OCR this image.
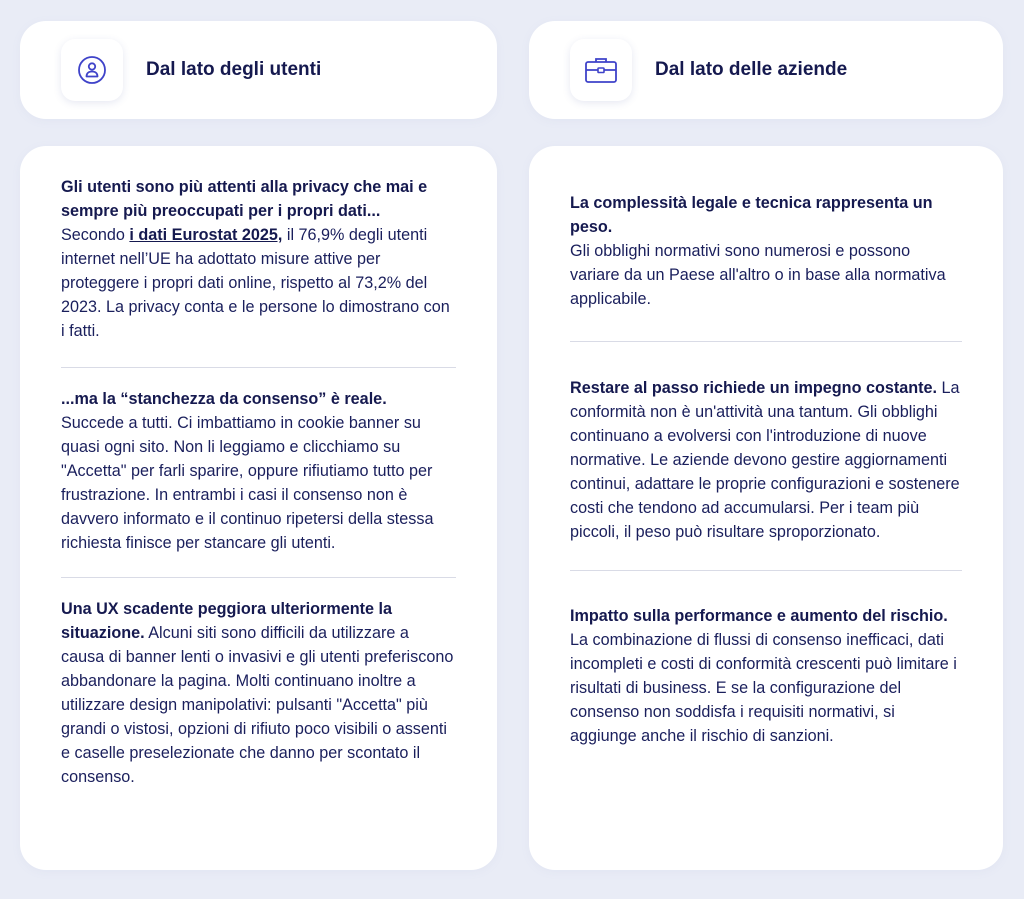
Dal lato degli utenti	Dal lato delle aziende
Gli utenti sono più attenti alla privacy che mai e sempre più preoccupati per i propri dati...
Secondo i dati Eurostat 2025, il 76,9% degli utenti internet nell’UE ha adottato misure attive per proteggere i propri dati online, rispetto al 73,2% del 2023. La privacy conta e le persone lo dimostrano con i fatti.
...ma la “stanchezza da consenso” è reale.
Succede a tutti. Ci imbattiamo in cookie banner su quasi ogni sito. Non li leggiamo e clicchiamo su "Accetta" per farli sparire, oppure rifiutiamo tutto per frustrazione. In entrambi i casi il consenso non è davvero informato e il continuo ripetersi della stessa richiesta finisce per stancare gli utenti.
Una UX scadente peggiora ulteriormente la situazione. Alcuni siti sono difficili da utilizzare a causa di banner lenti o invasivi e gli utenti preferiscono abbandonare la pagina. Molti continuano inoltre a utilizzare design manipolativi: pulsanti "Accetta" più grandi o vistosi, opzioni di rifiuto poco visibili o assenti e caselle preselezionate che danno per scontato il consenso.
La complessità legale e tecnica rappresenta un peso.
Gli obblighi normativi sono numerosi e possono variare da un Paese all'altro o in base alla normativa applicabile.
Restare al passo richiede un impegno costante. La conformità non è un'attività una tantum. Gli obblighi continuano a evolversi con l'introduzione di nuove normative. Le aziende devono gestire aggiornamenti continui, adattare le proprie configurazioni e sostenere costi che tendono ad accumularsi. Per i team più piccoli, il peso può risultare sproporzionato.
Impatto sulla performance e aumento del rischio. La combinazione di flussi di consenso inefficaci, dati incompleti e costi di conformità crescenti può limitare i risultati di business. E se la configurazione del consenso non soddisfa i requisiti normativi, si aggiunge anche il rischio di sanzioni.
